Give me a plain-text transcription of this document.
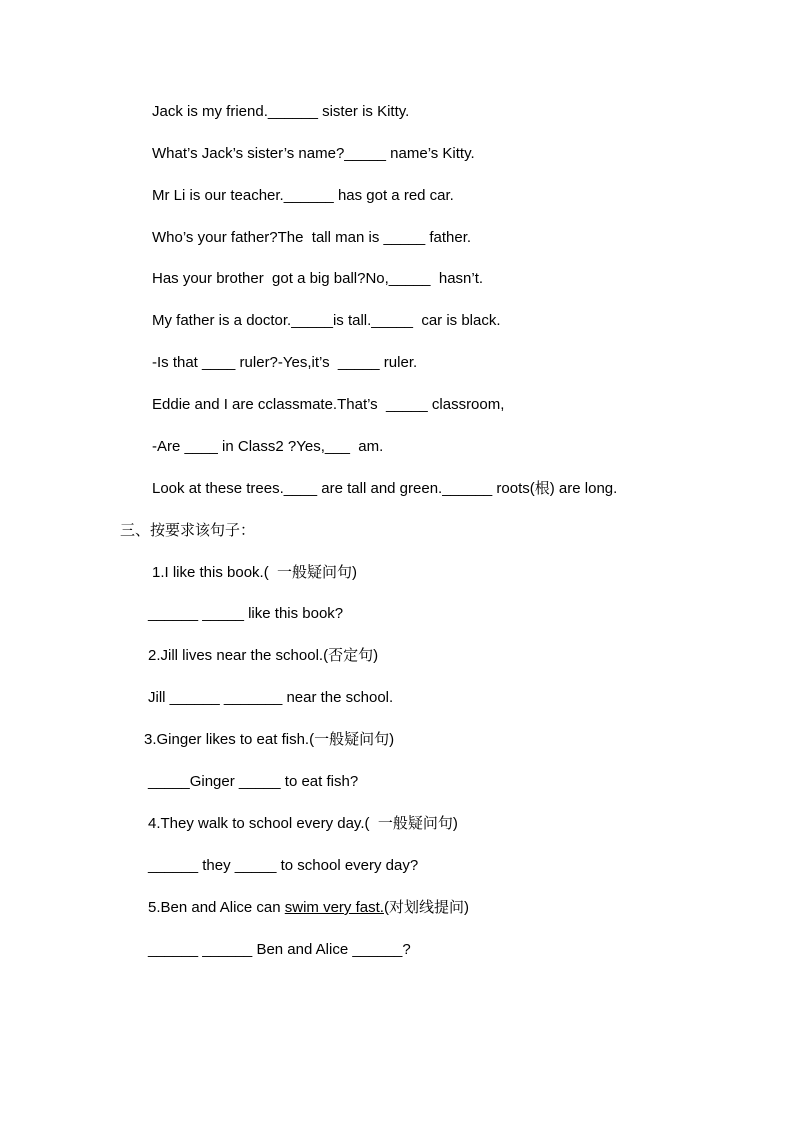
Jack is my friend.______ sister is Kitty.
What’s Jack’s sister’s name?_____ name’s Kitty.
Mr Li is our teacher.______ has got a red car.
Who’s your father?The  tall man is _____ father.
Has your brother  got a big ball?No,_____  hasn’t.
My father is a doctor._____is tall._____  car is black.
-Is that ____ ruler?-Yes,it’s  _____ ruler.
Eddie and I are cclassmate.That’s  _____ classroom,
-Are ____ in Class2 ?Yes,___  am.
Look at these trees.____ are tall and green.______ roots(根) are long.
三、按要求该句子：
1.I like this book.(  一般疑问句)
______ _____ like this book?
2.Jill lives near the school.(否定句)
Jill ______ _______ near the school.
3.Ginger likes to eat fish.(一般疑问句)
_____Ginger _____ to eat fish?
4.They walk to school every day.(  一般疑问句)
______ they _____ to school every day?
5.Ben and Alice can swim very fast.(对划线提问)
______ ______ Ben and Alice ______?
